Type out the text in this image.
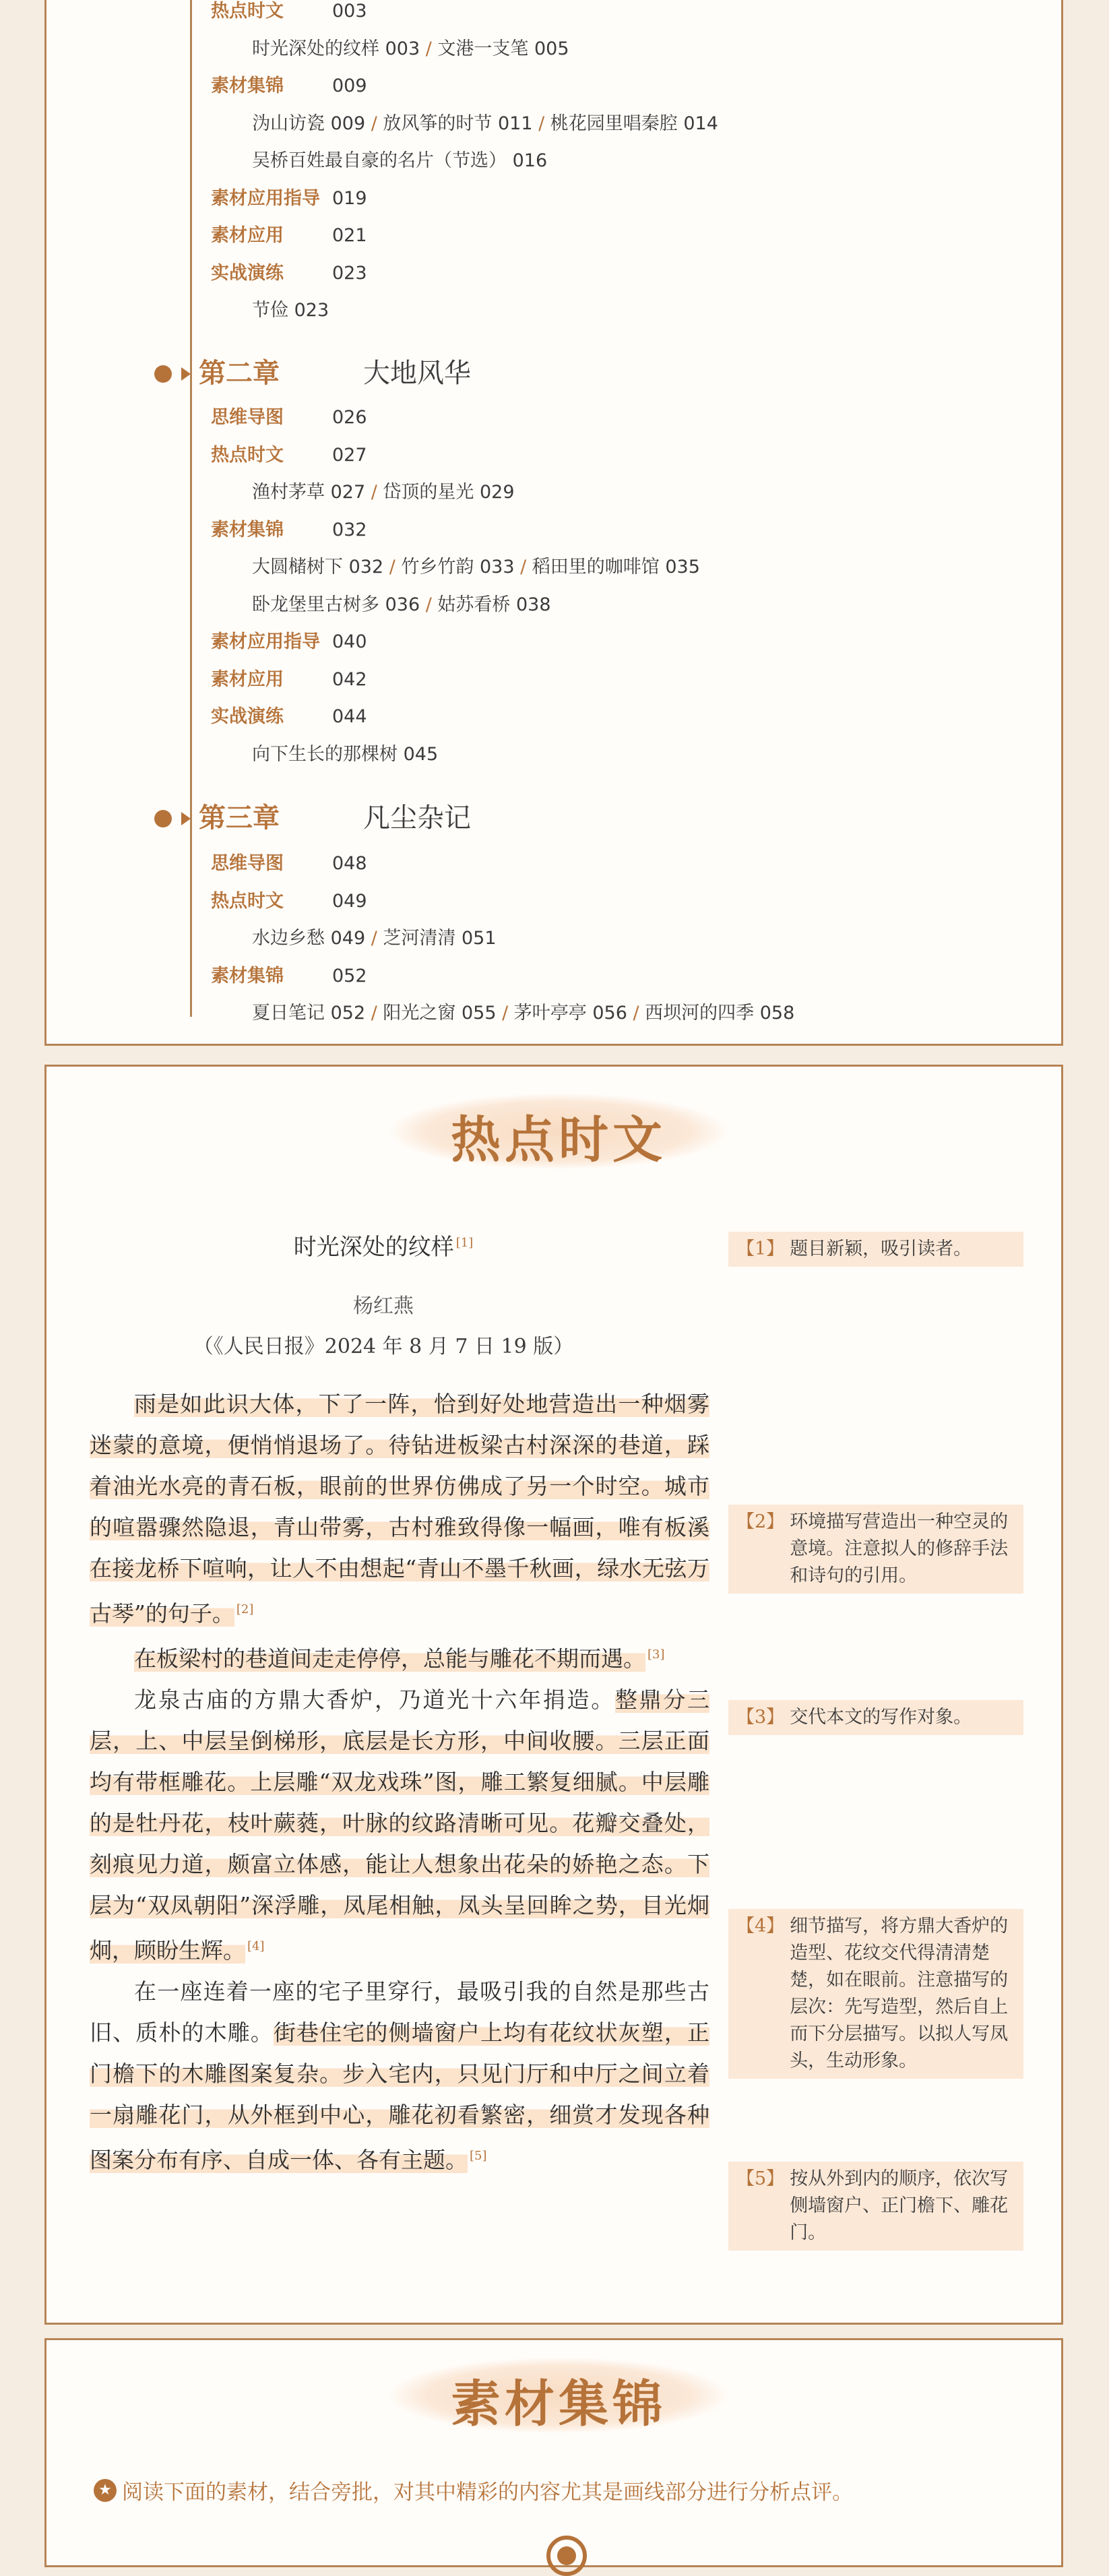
热点时文	003
时光深处的纹样 003 / 文港一支笔 005
素材集锦	009
沩山访瓷 009 / 放风筝的时节 011 / 桃花园里唱秦腔 014
吴桥百姓最自豪的名片（节选） 016
素材应用指导 019
素材应用	021
实战演练	023
节俭 023
第二章	大地风华
思维导图	026
热点时文	027
渔村茅草 027 / 岱顶的星光 029
素材集锦	032
大圆槠树下 032 / 竹乡竹韵 033 / 稻田里的咖啡馆 035
卧龙堡里古树多 036 / 姑苏看桥 038
素材应用指导 040
素材应用	042
实战演练	044
向下生长的那棵树 045
第三章	凡尘杂记
思维导图	048
热点时文	049
水边乡愁 049 / 芝河清清 051
素材集锦	052
夏日笔记 052 / 阳光之窗 055 / 茅叶亭亭 056 / 西坝河的四季 058
热点时文
时光深处的纹样 [1]
杨红燕
（《人民日报》2024 年 8 月 7 日 19 版）

雨是如此识大体，下了一阵，恰到好处地营造出一种烟雾迷蒙的意境，便悄悄退场了。待钻进板梁古村深深的巷道，踩着油光水亮的青石板，眼前的世界仿佛成了另一个时空。城市的喧嚣骤然隐退，青山带雾，古村雅致得像一幅画，唯有板溪在接龙桥下喧响，让人不由想起“青山不墨千秋画，绿水无弦万古琴”的句子。 [2]

在板梁村的巷道间走走停停，总能与雕花不期而遇。 [3]

龙泉古庙的方鼎大香炉，乃道光十六年捐造。整鼎分三层，上、中层呈倒梯形，底层是长方形，中间收腰。三层正面均有带框雕花。上层雕“双龙戏珠”图，雕工繁复细腻。中层雕的是牡丹花，枝叶蕨蕤，叶脉的纹路清晰可见。花瓣交叠处，刻痕见力道，颇富立体感，能让人想象出花朵的娇艳之态。下层为“双凤朝阳”深浮雕，凤尾相触，凤头呈回眸之势，目光炯炯，顾盼生辉。 [4]

在一座连着一座的宅子里穿行，最吸引我的自然是那些古旧、质朴的木雕。街巷住宅的侧墙窗户上均有花纹状灰塑，正门檐下的木雕图案复杂。步入宅内，只见门厅和中厅之间立着一扇雕花门，从外框到中心，雕花初看繁密，细赏才发现各种图案分布有序、自成一体、各有主题。 [5]

【1】 题目新颖，吸引读者。
【2】 环境描写营造出一种空灵的意境。注意拟人的修辞手法和诗句的引用。
【3】 交代本文的写作对象。
【4】 细节描写，将方鼎大香炉的造型、花纹交代得清清楚楚，如在眼前。注意描写的层次：先写造型，然后自上而下分层描写。以拟人写凤头，生动形象。
【5】 按从外到内的顺序，依次写侧墙窗户、正门檐下、雕花门。
素材集锦
★ 阅读下面的素材，结合旁批，对其中精彩的内容尤其是画线部分进行分析点评。
